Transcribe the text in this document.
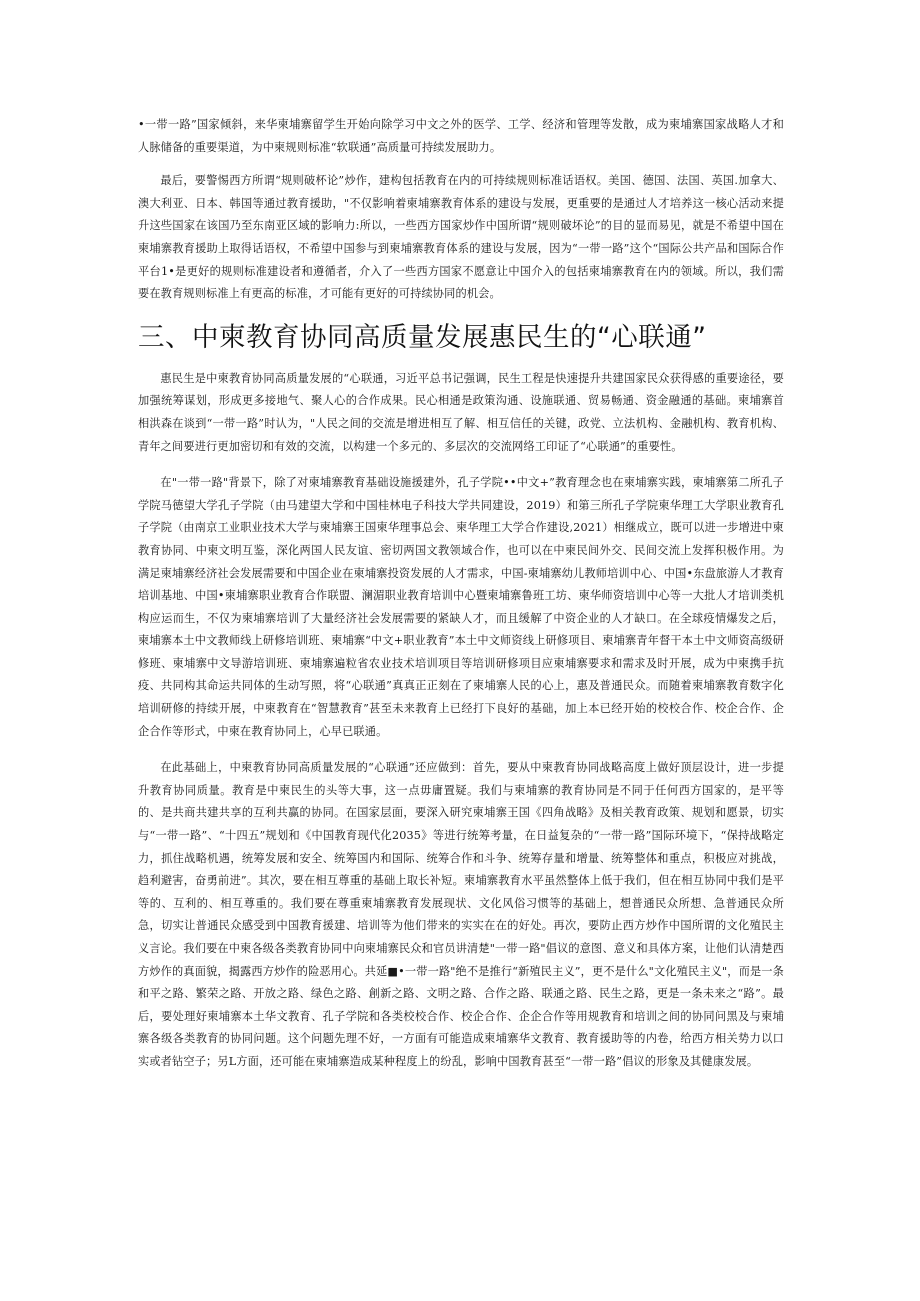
•一带一路”国家倾斜，来华柬埔寨留学生开始向除学习中文之外的医学、工学、经济和管理等发散，成为柬埔寨国家战略人才和人脉储备的重要渠道，为中柬规则标准“软联通”高质量可持续发展助力。

最后，要警惕西方所谓“规则破杯论”炒作，建构包括教育在内的可持续规则标准话语权。美国、德国、法国、英国.加拿大、澳大利亚、日本、韩国等通过教育援助，"不仅影响着柬埔寨教育体系的建设与发展，更重要的是通过人才培养这一核心活动来提升这些国家在该国乃至东南亚区域的影响力:所以，一些西方国家炒作中国所谓“规则破坏论”的目的显而易见，就是不希望中国在柬埔寨教育援助上取得话语权，不希望中国参与到柬埔寨教育体系的建设与发展，因为“一带一路”这个“国际公共产品和国际合作平台1•是更好的规则标准建设者和遵循者，介入了一些西方国家不愿意让中国介入的包括柬埔寨教育在内的领域。所以，我们需要在教育规则标准上有更高的标准，才可能有更好的可持续协同的机会。

三、中柬教育协同高质量发展惠民生的“心联通”

惠民生是中柬教育协同高质量发展的“心联通，习近平总书记强调，民生工程是快速提升共建国家民众获得感的重要途径，要加强统筹谋划，形成更多接地气、聚人心的合作成果。民心相通是政策沟通、设施联通、贸易畅通、资金融通的基础。柬埔寨首相洪森在谈到“一带一路”时认为，"人民之间的交流是增进相互了解、相互信任的关键，政党、立法机构、金融机构、教育机构、青年之间要进行更加密切和有效的交流，以构建一个多元的、多层次的交流网络工印证了“心联通”的重要性。

在"一带一路"背景下，除了对柬埔寨教育基础设施援建外，孔子学院••中文+”教育理念也在柬埔寨实践，柬埔寨第二所孔子学院马德望大学孔子学院（由马建望大学和中国桂林电子科技大学共同建设，2019）和第三所孔子学院柬华理工大学职业教育孔子学院（由南京工业职业技术大学与柬埔寨王国柬华理事总会、柬华理工大学合作建设,2021）相继成立，既可以进一步增进中柬教育协同、中柬文明互鉴，深化两国人民友谊、密切两国文教领域合作，也可以在中柬民间外交、民间交流上发挥积极作用。为满足柬埔寨经济社会发展需要和中国企业在柬埔寨投资发展的人才需求，中国-柬埔寨幼儿教师培训中心、中国•东盘旅游人才教育培训基地、中国•柬埔寨职业教育合作联盟、澜湄职业教育培训中心暨柬埔寨鲁班工坊、柬华师资培训中心等一大批人才培训类机构应运而生，不仅为柬埔寨培训了大量经济社会发展需要的紧缺人才，而且缓解了中资企业的人才缺口。在全球疫情爆发之后，柬埔寨本土中文教师线上研修培训班、柬埔寨“中文+职业教育”本土中文师资线上研修项目、柬埔寨青年督干本土中文师资高级研修班、柬埔寨中文导游培训班、柬埔寨遍粒省农业技术培训项目等培训研修项目应柬埔寨要求和需求及时开展，成为中柬携手抗疫、共同构其命运共同体的生动写照，将“心联通”真真正正刻在了柬埔寨人民的心上，惠及普通民众。而随着柬埔寨教育数字化培训研修的持续开展，中柬教育在“智慧教育”甚至未来教育上已经打下良好的基础，加上本已经开始的校校合作、校企合作、企企合作等形式，中柬在教育协同上，心早已联通。

在此基础上，中柬教育协同高质量发展的“心联通”还应做到：首先，要从中柬教育协同战略高度上做好顶层设计，进一步提升教育协同质量。教育是中柬民生的头等大事，这一点毋庸置疑。我们与柬埔寨的教育协同是不同于任何西方国家的，是平等的、是共商共建共享的互利共赢的协同。在国家层面，要深入研究柬埔寨王国《四角战略》及相关教育政策、规划和愿景，切实与“一带一路”、“十四五”规划和《中国教育现代化2035》等进行统筹考量，在日益复杂的“一带一路”国际环境下，“保持战略定力，抓住战略机遇，统筹发展和安全、统筹国内和国际、统筹合作和斗争、统筹存量和增量、统筹整体和重点，积极应对挑战，趋利避害，奋勇前进”。其次，要在相互尊重的基础上取长补短。柬埔寨教育水平虽然整体上低于我们，但在相互协同中我们是平等的、互利的、相互尊重的。我们要在尊重柬埔寨教育发展现状、文化风俗习惯等的基础上，想普通民众所想、急普通民众所急，切实让普通民众感受到中国教育援建、培训等为他们带来的实实在在的好处。再次，要防止西方炒作中国所谓的文化殖民主义言论。我们要在中柬各级各类教育协同中向柬埔寨民众和官员讲清楚"一带一路"倡议的意图、意义和具体方案，让他们认清楚西方炒作的真面貌，揭露西方炒作的险恶用心。共延■•一带一路"绝不是推行“新殖民主义”，更不是什么"文化殖民主义"，而是一条和平之路、繁荣之路、开放之路、绿色之路、創新之路、文明之路、合作之路、联通之路、民生之路，更是一条未来之“路”。最后，要处理好柬埔寨本土华文教育、孔子学院和各类校校合作、校企合作、企企合作等用规教育和培训之间的协同问黑及与柬埔寨各级各类教育的协同问题。这个问题先理不好，一方面有可能造成柬埔寨华文教育、教育援助等的内卷，给西方相关势力以口实或者钻空子；另L方面，还可能在柬埔寨造成某种程度上的纷乱，影响中国教育甚至“一带一路”倡议的形象及其健康发展。
